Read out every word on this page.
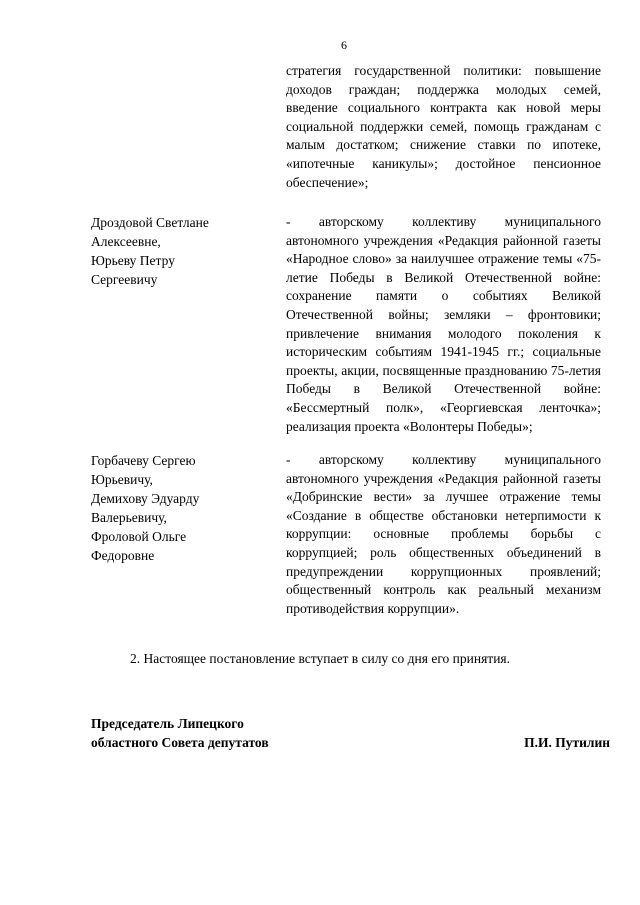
6
стратегия государственной политики: повышение доходов граждан; поддержка молодых семей, введение социального контракта как новой меры социальной поддержки семей, помощь гражданам с малым достатком; снижение ставки по ипотеке, «ипотечные каникулы»; достойное пенсионное обеспечение»;
Дроздовой Светлане
Алексеевне,
Юрьеву Петру
Сергеевичу
- авторскому коллективу муниципального автономного учреждения «Редакция районной газеты «Народное слово» за наилучшее отражение темы «75-летие Победы в Великой Отечественной войне: сохранение памяти о событиях Великой Отечественной войны; земляки – фронтовики; привлечение внимания молодого поколения к историческим событиям 1941-1945 гг.; социальные проекты, акции, посвященные празднованию 75-летия Победы в Великой Отечественной войне: «Бессмертный полк», «Георгиевская ленточка»; реализация проекта «Волонтеры Победы»;
Горбачеву Сергею
Юрьевичу,
Демихову Эдуарду
Валерьевичу,
Фроловой Ольге
Федоровне
- авторскому коллективу муниципального автономного учреждения «Редакция районной газеты «Добринские вести» за лучшее отражение темы «Создание в обществе обстановки нетерпимости к коррупции: основные проблемы борьбы с коррупцией; роль общественных объединений в предупреждении коррупционных проявлений; общественный контроль как реальный механизм противодействия коррупции».
2. Настоящее постановление вступает в силу со дня его принятия.
Председатель Липецкого
областного Совета депутатов	П.И. Путилин
